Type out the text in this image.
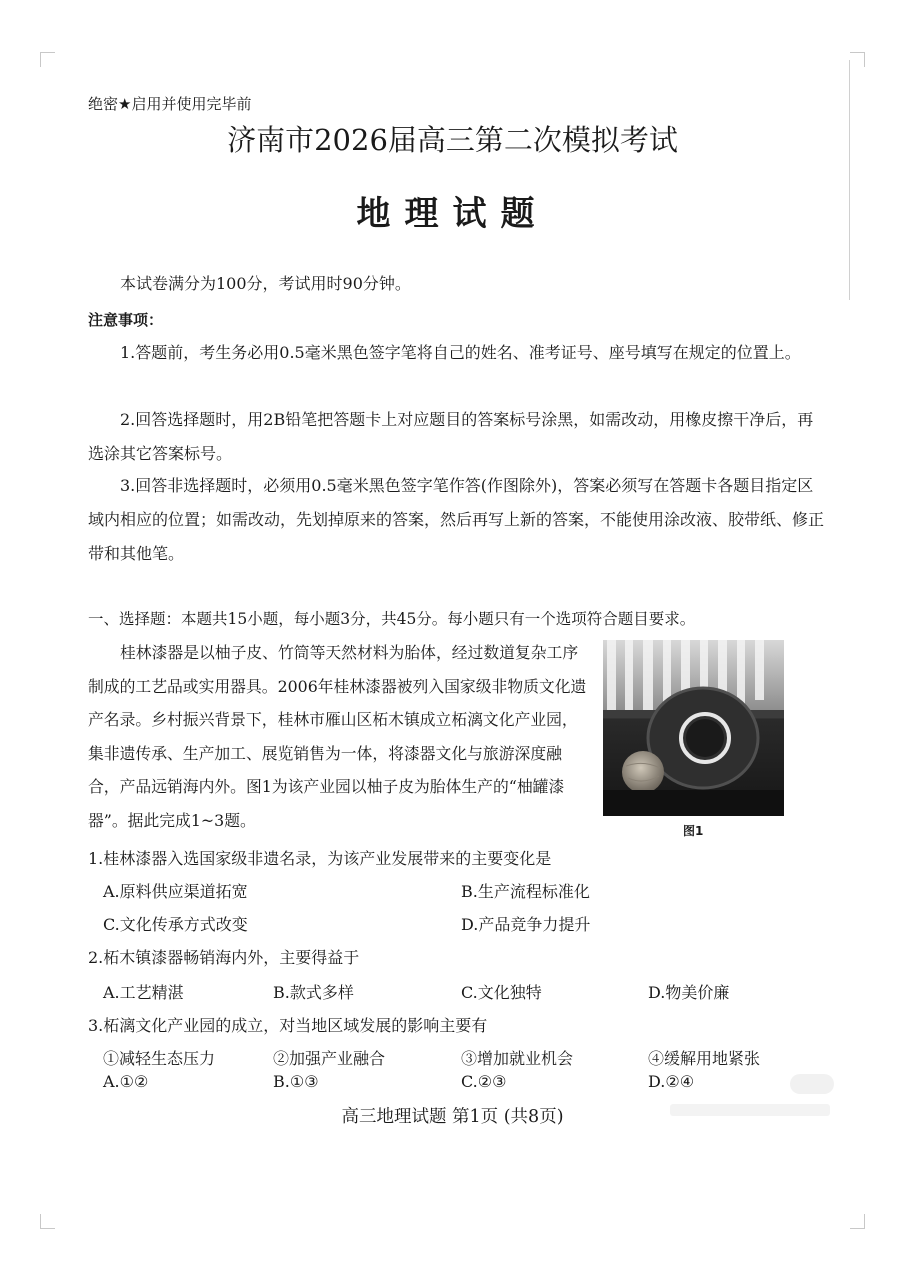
绝密★启用并使用完毕前
济南市2026届高三第二次模拟考试
地理试题
本试卷满分为100分，考试用时90分钟。
注意事项：
1.答题前，考生务必用0.5毫米黑色签字笔将自己的姓名、准考证号、座号填写在规定的位置上。
2.回答选择题时，用2B铅笔把答题卡上对应题目的答案标号涂黑，如需改动，用橡皮擦干净后，再选涂其它答案标号。
3.回答非选择题时，必须用0.5毫米黑色签字笔作答(作图除外)，答案必须写在答题卡各题目指定区域内相应的位置；如需改动，先划掉原来的答案，然后再写上新的答案，不能使用涂改液、胶带纸、修正带和其他笔。
一、选择题：本题共15小题，每小题3分，共45分。每小题只有一个选项符合题目要求。
桂林漆器是以柚子皮、竹筒等天然材料为胎体，经过数道复杂工序制成的工艺品或实用器具。2006年桂林漆器被列入国家级非物质文化遗产名录。乡村振兴背景下，桂林市雁山区柘木镇成立柘漓文化产业园，集非遗传承、生产加工、展览销售为一体，将漆器文化与旅游深度融合，产品远销海内外。图1为该产业园以柚子皮为胎体生产的“柚罐漆器”。据此完成1~3题。
图1
1.桂林漆器入选国家级非遗名录，为该产业发展带来的主要变化是
A.原料供应渠道拓宽	B.生产流程标准化
C.文化传承方式改变	D.产品竞争力提升
2.柘木镇漆器畅销海内外，主要得益于
A.工艺精湛	B.款式多样	C.文化独特	D.物美价廉
3.柘漓文化产业园的成立，对当地区域发展的影响主要有
①减轻生态压力	②加强产业融合	③增加就业机会	④缓解用地紧张
A.①②	B.①③	C.②③	D.②④
高三地理试题 第1页 (共8页)
